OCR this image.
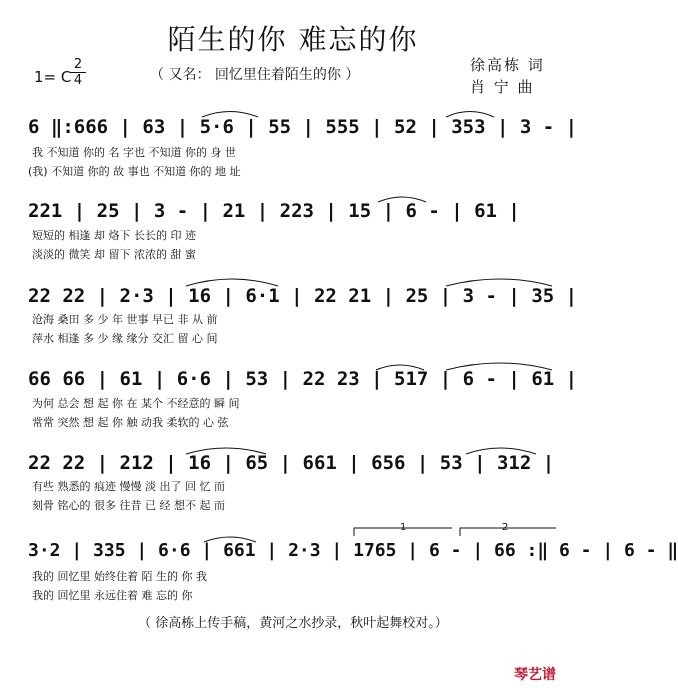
陌生的你 难忘的你
（ 又名： 回忆里住着陌生的你 ）
1= C
2
4
徐高栋 词
肖 宁 曲
6 ‖:666 | 63 | 5·6 | 55 | 555 | 52 | 353 | 3 - |
我 不知道 你的 名 字也 不知道 你的 身 世
(我) 不知道 你的 故 事也 不知道 你的 地 址
221 | 25 | 3 - | 21 | 223 | 15 | 6 - | 61 |
短短的 相逢 却 烙下 长长的 印 迹
淡淡的 微笑 却 留下 浓浓的 甜 蜜
22 22 | 2·3 | 16 | 6·1 | 22 21 | 25 | 3 - | 35 |
沧海 桑田 多 少 年 世事 早已 非 从 前
萍水 相逢 多 少 缘 缘分 交汇 留 心 间
66 66 | 61 | 6·6 | 53 | 22 23 | 517 | 6 - | 61 |
为何 总会 想 起 你 在 某个 不经意的 瞬 间
常常 突然 想 起 你 触 动我 柔软的 心 弦
22 22 | 212 | 16 | 65 | 661 | 656 | 53 | 312 |
有些 熟悉的 痕迹 慢慢 淡 出了 回 忆 而
刻骨 铭心的 很多 往昔 已 经 想不 起 而
1	2
3·2 | 335 | 6·6 | 661 | 2·3 | 1765 | 6 - | 66 :‖ 6 - | 6 - ‖
我的 回忆里 始终住着 陌 生的 你 我
我的 回忆里 永远住着 难 忘的 你
（ 徐高栋上传手稿，黄河之水抄录，秋叶起舞校对。）
琴艺谱
